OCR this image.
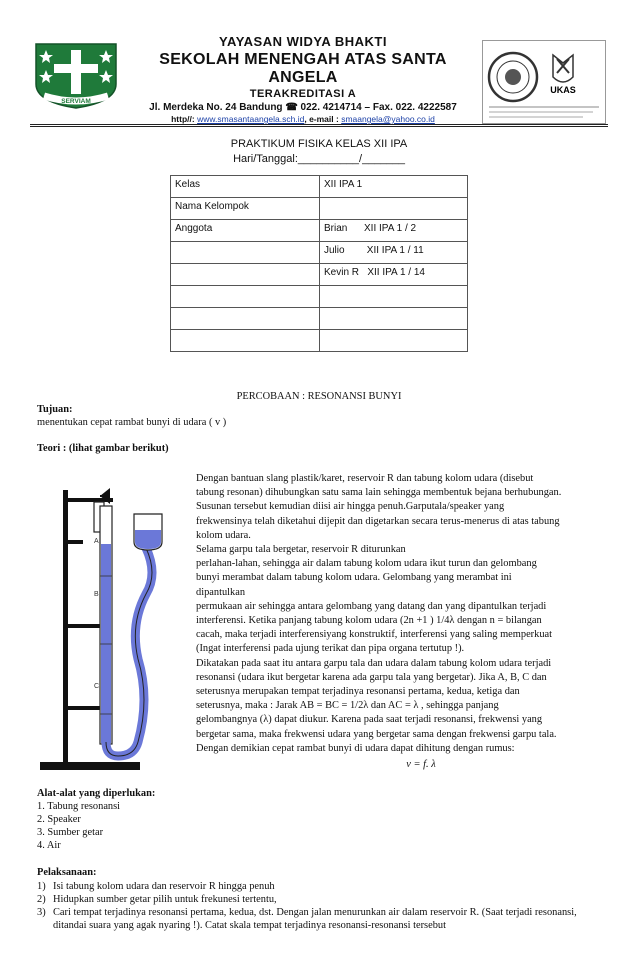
SERVIAM
YAYASAN WIDYA BHAKTI
SEKOLAH MENENGAH ATAS SANTA ANGELA
TERAKREDITASI A
Jl. Merdeka No. 24 Bandung ☎ 022. 4214714 – Fax. 022. 4222587
http//: www.smasantaangela.sch.id, e-mail : smaangela@yahoo.co.id
UKAS
PRAKTIKUM FISIKA KELAS XII IPA
Hari/Tanggal:__________/_______
Kelas	XII IPA 1
Nama Kelompok	
Anggota	Brian      XII IPA 1 / 2
	Julio        XII IPA 1 / 11
	Kevin R   XII IPA 1 / 14

PERCOBAAN : RESONANSI BUNYI
Tujuan:
menentukan cepat rambat bunyi di udara ( v )
Teori : (lihat gambar berikut)
A
B
C
Dengan bantuan slang plastik/karet, reservoir R dan tabung kolom udara (disebut
tabung resonan) dihubungkan satu sama lain sehingga membentuk bejana berhubungan.
Susunan tersebut kemudian diisi air hingga penuh.Garputala/speaker yang
frekwensinya telah diketahui dijepit dan digetarkan secara terus-menerus di atas tabung
kolom udara.
Selama garpu tala bergetar, reservoir R diturunkan
perlahan-lahan, sehingga air dalam tabung kolom udara ikut turun dan gelombang
bunyi merambat dalam tabung kolom udara. Gelombang yang merambat ini
dipantulkan
permukaan air sehingga antara gelombang yang datang dan yang dipantulkan terjadi
interferensi. Ketika panjang tabung kolom udara (2n +1 ) 1/4λ dengan n = bilangan
cacah, maka terjadi interferensiyang konstruktif, interferensi yang saling memperkuat
(Ingat interferensi pada ujung terikat dan pipa organa tertutup !).
Dikatakan pada saat itu antara garpu tala dan udara dalam tabung kolom udara terjadi
resonansi (udara ikut bergetar karena ada garpu tala yang bergetar). Jika A, B, C dan
seterusnya merupakan tempat terjadinya resonansi pertama, kedua, ketiga dan
seterusnya, maka : Jarak AB = BC = 1/2λ dan AC = λ , sehingga panjang
gelombangnya (λ) dapat diukur. Karena pada saat terjadi resonansi, frekwensi yang
bergetar sama, maka frekwensi udara yang bergetar sama dengan frekwensi garpu tala.
Dengan demikian cepat rambat bunyi di udara dapat dihitung dengan rumus:
v = f. λ
Alat-alat yang diperlukan:
1. Tabung resonansi
2. Speaker
3. Sumber getar
4. Air
Pelaksanaan:
1) Isi tabung kolom udara dan reservoir R hingga penuh
2) Hidupkan sumber getar pilih untuk frekunesi tertentu,
3) Cari tempat terjadinya resonansi pertama, kedua, dst. Dengan jalan menurunkan air dalam reservoir R. (Saat terjadi resonansi, ditandai suara yang agak nyaring !). Catat skala tempat terjadinya resonansi-resonansi tersebut
